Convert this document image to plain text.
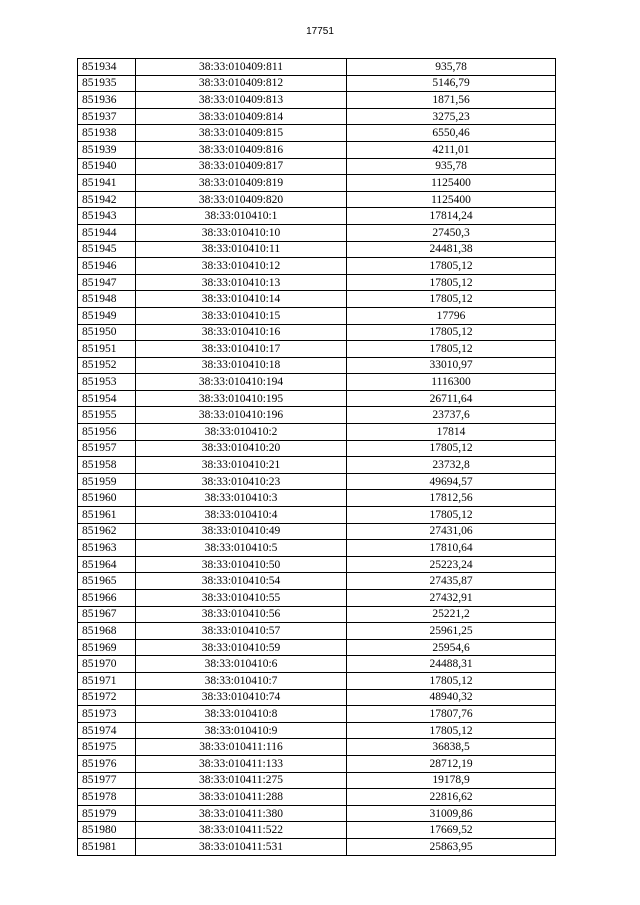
17751
851934	38:33:010409:811	935,78
851935	38:33:010409:812	5146,79
851936	38:33:010409:813	1871,56
851937	38:33:010409:814	3275,23
851938	38:33:010409:815	6550,46
851939	38:33:010409:816	4211,01
851940	38:33:010409:817	935,78
851941	38:33:010409:819	1125400
851942	38:33:010409:820	1125400
851943	38:33:010410:1	17814,24
851944	38:33:010410:10	27450,3
851945	38:33:010410:11	24481,38
851946	38:33:010410:12	17805,12
851947	38:33:010410:13	17805,12
851948	38:33:010410:14	17805,12
851949	38:33:010410:15	17796
851950	38:33:010410:16	17805,12
851951	38:33:010410:17	17805,12
851952	38:33:010410:18	33010,97
851953	38:33:010410:194	1116300
851954	38:33:010410:195	26711,64
851955	38:33:010410:196	23737,6
851956	38:33:010410:2	17814
851957	38:33:010410:20	17805,12
851958	38:33:010410:21	23732,8
851959	38:33:010410:23	49694,57
851960	38:33:010410:3	17812,56
851961	38:33:010410:4	17805,12
851962	38:33:010410:49	27431,06
851963	38:33:010410:5	17810,64
851964	38:33:010410:50	25223,24
851965	38:33:010410:54	27435,87
851966	38:33:010410:55	27432,91
851967	38:33:010410:56	25221,2
851968	38:33:010410:57	25961,25
851969	38:33:010410:59	25954,6
851970	38:33:010410:6	24488,31
851971	38:33:010410:7	17805,12
851972	38:33:010410:74	48940,32
851973	38:33:010410:8	17807,76
851974	38:33:010410:9	17805,12
851975	38:33:010411:116	36838,5
851976	38:33:010411:133	28712,19
851977	38:33:010411:275	19178,9
851978	38:33:010411:288	22816,62
851979	38:33:010411:380	31009,86
851980	38:33:010411:522	17669,52
851981	38:33:010411:531	25863,95
